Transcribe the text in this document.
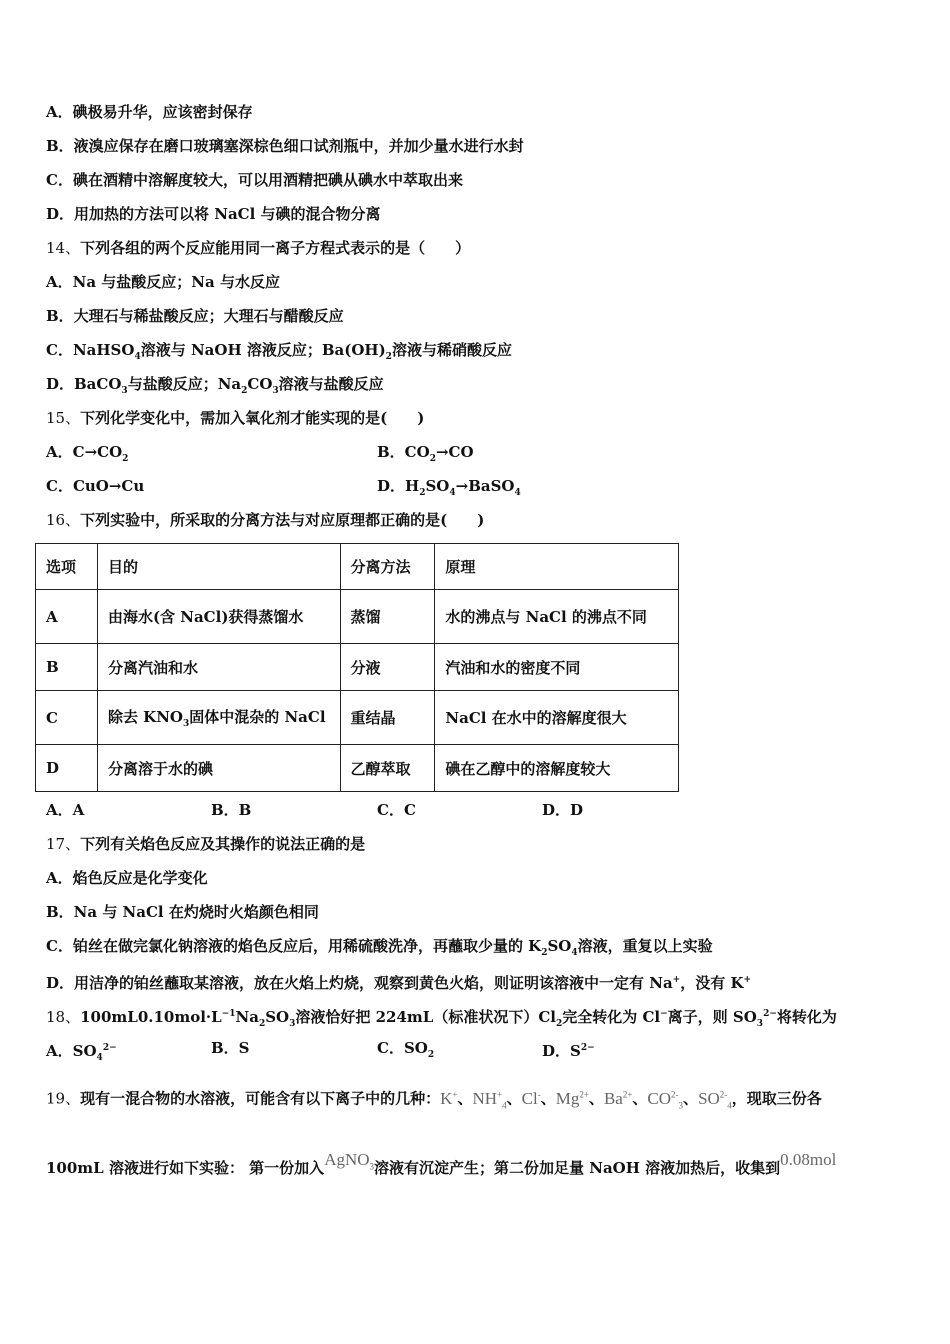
A．碘极易升华，应该密封保存
B．液溴应保存在磨口玻璃塞深棕色细口试剂瓶中，并加少量水进行水封
C．碘在酒精中溶解度较大，可以用酒精把碘从碘水中萃取出来
D．用加热的方法可以将 NaCl 与碘的混合物分离
14、下列各组的两个反应能用同一离子方程式表示的是（　　）
A．Na 与盐酸反应；Na 与水反应
B．大理石与稀盐酸反应；大理石与醋酸反应
C．NaHSO$_4$溶液与 NaOH 溶液反应；$Ba(OH)_2$溶液与稀硝酸反应
D．BaCO$_3$与盐酸反应；$Na_2CO_3$溶液与盐酸反应
15、下列化学变化中，需加入氧化剂才能实现的是(　　)
A．$C\to CO_2$	B．$CO_2\to CO$
C．CuO→Cu	D．$H_2SO_4\to BaSO_4$
16、下列实验中，所采取的分离方法与对应原理都正确的是(　　)
选项	目的	分离方法	原理
A	由海水(含 NaCl)获得蒸馏水	蒸馏	水的沸点与 NaCl 的沸点不同
B	分离汽油和水	分液	汽油和水的密度不同
C	除去 $KNO_3$固体中混杂的 NaCl	重结晶	NaCl 在水中的溶解度很大
D	分离溶于水的碘	乙醇萃取	碘在乙醇中的溶解度较大
A．A	B．B	C．C	D．D
17、下列有关焰色反应及其操作的说法正确的是
A．焰色反应是化学变化
B．Na 与 NaCl 在灼烧时火焰颜色相同
C．铂丝在做完氯化钠溶液的焰色反应后，用稀硫酸洗净，再蘸取少量的 $K_2SO_4$溶液，重复以上实验
D．用洁净的铂丝蘸取某溶液，放在火焰上灼烧，观察到黄色火焰，则证明该溶液中一定有 Na+，没有 K+
18、$100mL0.10mol\cdot L^{-1}Na_2SO_3$溶液恰好把 224mL（标准状况下）$Cl_2$完全转化为 Cl−离子，则 $SO_3^{2-}$将转化为
A．$SO_4^{2-}$	B．S	C．$SO_2$	D．$S^{2-}$
19、现有一混合物的水溶液，可能含有以下离子中的几种：K+、$NH^+_4$、Cl-、$Mg^{2+}$、$Ba^{2+}$、$CO^{2-}_3$、$SO^{2-}_4$，现取三份各
100mL 溶液进行如下实验： 第一份加入AgNO$_3$溶液有沉淀产生；第二份加足量 NaOH 溶液加热后，收集到0.08mol
